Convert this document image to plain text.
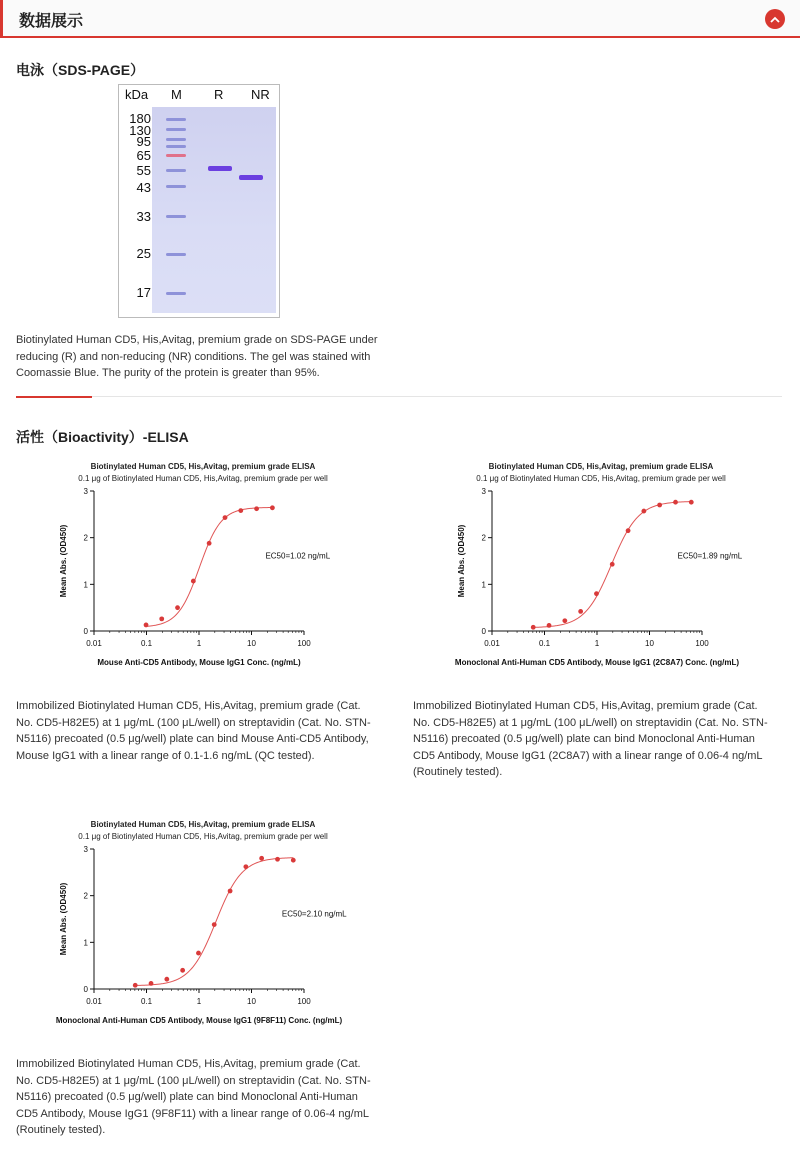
数据展示
电泳（SDS-PAGE）
kDa M R NR
180
130
95
65
55
43
33
25
17
Biotinylated Human CD5, His,Avitag, premium grade on SDS-PAGE under
reducing (R) and non-reducing (NR) conditions. The gel was stained with
Coomassie Blue. The purity of the protein is greater than 95%.
活性（Bioactivity）-ELISA
Biotinylated Human CD5, His,Avitag, premium grade ELISA
0.1 μg of Biotinylated Human CD5, His,Avitag, premium grade per well
0
1
2
3
0.01	0.1	1	10	100
Mouse Anti-CD5 Antibody, Mouse IgG1 Conc. (ng/mL)
Mean Abs. (OD450)	EC50=1.02 ng/mL
Biotinylated Human CD5, His,Avitag, premium grade ELISA
0.1 μg of Biotinylated Human CD5, His,Avitag, premium grade per well
0
1
2
3
0.01	0.1	1	10	100
Monoclonal Anti-Human CD5 Antibody, Mouse IgG1 (2C8A7) Conc. (ng/mL)
Mean Abs. (OD450)	EC50=1.89 ng/mL
Biotinylated Human CD5, His,Avitag, premium grade ELISA
0.1 μg of Biotinylated Human CD5, His,Avitag, premium grade per well
0
1
2
3
0.01	0.1	1	10	100
Monoclonal Anti-Human CD5 Antibody, Mouse IgG1 (9F8F11) Conc. (ng/mL)
Mean Abs. (OD450)	EC50=2.10 ng/mL
Immobilized Biotinylated Human CD5, His,Avitag, premium grade (Cat.
No. CD5-H82E5) at 1 μg/mL (100 μL/well) on streptavidin (Cat. No. STN-
N5116) precoated (0.5 μg/well) plate can bind Mouse Anti-CD5 Antibody,
Mouse IgG1 with a linear range of 0.1-1.6 ng/mL (QC tested).
Immobilized Biotinylated Human CD5, His,Avitag, premium grade (Cat.
No. CD5-H82E5) at 1 μg/mL (100 μL/well) on streptavidin (Cat. No. STN-
N5116) precoated (0.5 μg/well) plate can bind Monoclonal Anti-Human
CD5 Antibody, Mouse IgG1 (2C8A7) with a linear range of 0.06-4 ng/mL
(Routinely tested).
Immobilized Biotinylated Human CD5, His,Avitag, premium grade (Cat.
No. CD5-H82E5) at 1 μg/mL (100 μL/well) on streptavidin (Cat. No. STN-
N5116) precoated (0.5 μg/well) plate can bind Monoclonal Anti-Human
CD5 Antibody, Mouse IgG1 (9F8F11) with a linear range of 0.06-4 ng/mL
(Routinely tested).
